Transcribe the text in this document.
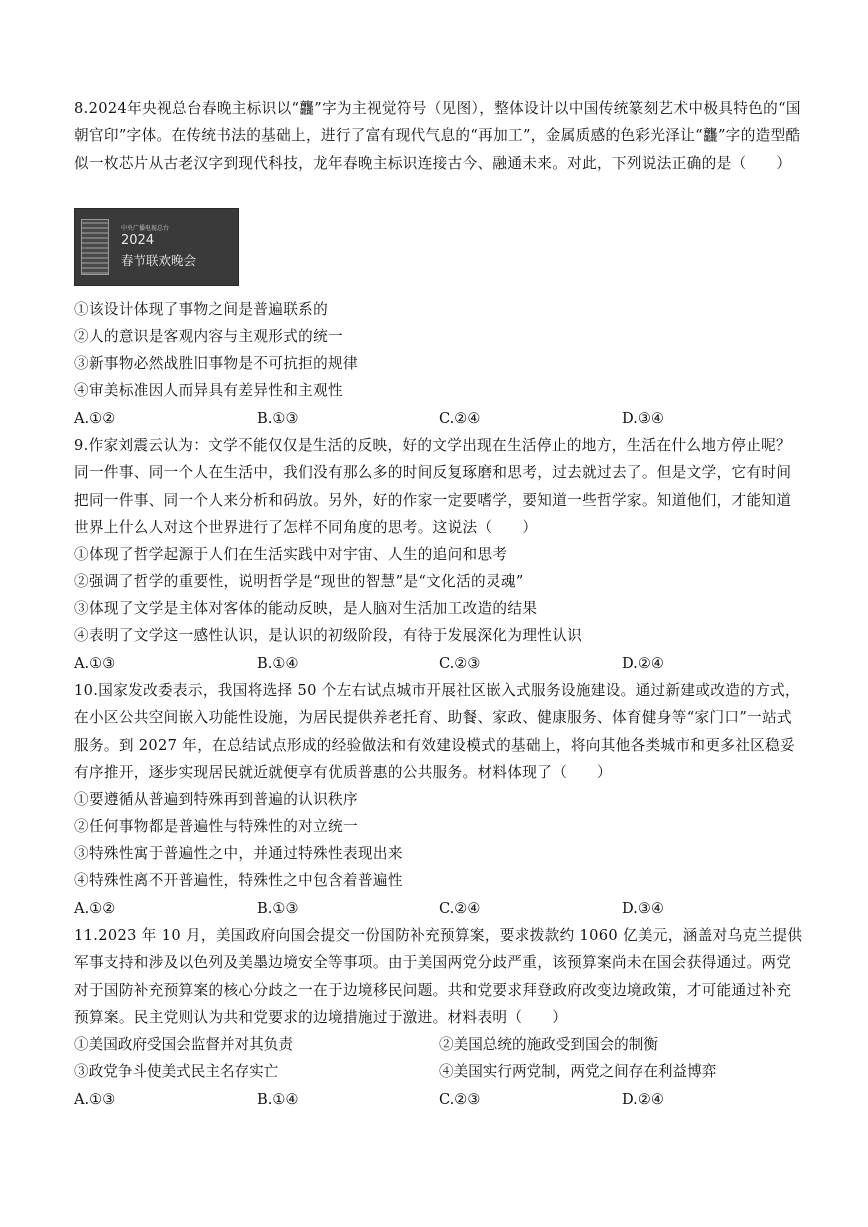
8.2024年央视总台春晚主标识以“龘”字为主视觉符号（见图），整体设计以中国传统篆刻艺术中极具特色的“国朝官印”字体。在传统书法的基础上，进行了富有现代气息的“再加工”，金属质感的色彩光泽让“龘”字的造型酷似一枚芯片从古老汉字到现代科技，龙年春晚主标识连接古今、融通未来。对此，下列说法正确的是（　　）

中央广播电视总台
2024
春节联欢晚会

①该设计体现了事物之间是普遍联系的

②人的意识是客观内容与主观形式的统一

③新事物必然战胜旧事物是不可抗拒的规律

④审美标准因人而异具有差异性和主观性

A.①②	B.①③	C.②④	D.③④

9.作家刘震云认为：文学不能仅仅是生活的反映，好的文学出现在生活停止的地方，生活在什么地方停止呢？同一件事、同一个人在生活中，我们没有那么多的时间反复琢磨和思考，过去就过去了。但是文学，它有时间把同一件事、同一个人来分析和码放。另外，好的作家一定要嗜学，要知道一些哲学家。知道他们，才能知道世界上什么人对这个世界进行了怎样不同角度的思考。这说法（　　）

①体现了哲学起源于人们在生活实践中对宇宙、人生的追问和思考

②强调了哲学的重要性，说明哲学是“现世的智慧”是“文化活的灵魂”

③体现了文学是主体对客体的能动反映，是人脑对生活加工改造的结果

④表明了文学这一感性认识，是认识的初级阶段，有待于发展深化为理性认识

A.①③	B.①④	C.②③	D.②④

10.国家发改委表示，我国将选择 50 个左右试点城市开展社区嵌入式服务设施建设。通过新建或改造的方式，在小区公共空间嵌入功能性设施，为居民提供养老托育、助餐、家政、健康服务、体育健身等“家门口”一站式服务。到 2027 年，在总结试点形成的经验做法和有效建设模式的基础上，将向其他各类城市和更多社区稳妥有序推开，逐步实现居民就近就便享有优质普惠的公共服务。材料体现了（　　）

①要遵循从普遍到特殊再到普遍的认识秩序

②任何事物都是普遍性与特殊性的对立统一

③特殊性寓于普遍性之中，并通过特殊性表现出来

④特殊性离不开普遍性，特殊性之中包含着普遍性

A.①②	B.①③	C.②④	D.③④

11.2023 年 10 月，美国政府向国会提交一份国防补充预算案，要求拨款约 1060 亿美元，涵盖对乌克兰提供军事支持和涉及以色列及美墨边境安全等事项。由于美国两党分歧严重，该预算案尚未在国会获得通过。两党对于国防补充预算案的核心分歧之一在于边境移民问题。共和党要求拜登政府改变边境政策，才可能通过补充预算案。民主党则认为共和党要求的边境措施过于激进。材料表明（　　）

①美国政府受国会监督并对其负责	②美国总统的施政受到国会的制衡
③政党争斗使美式民主名存实亡	④美国实行两党制，两党之间存在利益博弈
A.①③	B.①④	C.②③	D.②④
